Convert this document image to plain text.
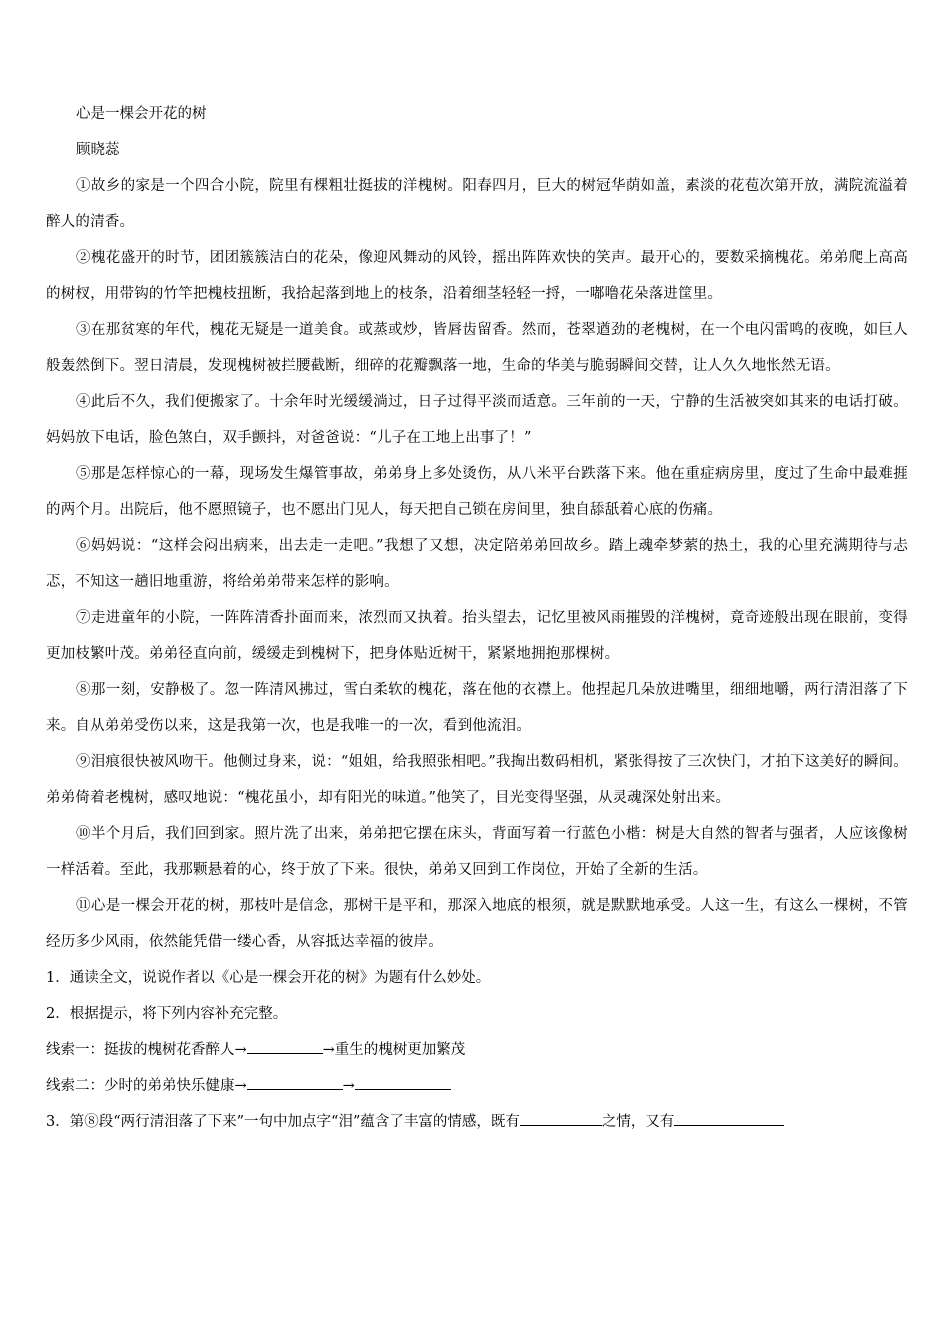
心是一棵会开花的树

顾晓蕊

①故乡的家是一个四合小院，院里有棵粗壮挺拔的洋槐树。阳春四月，巨大的树冠华荫如盖，素淡的花苞次第开放，满院流溢着醉人的清香。

②槐花盛开的时节，团团簇簇洁白的花朵，像迎风舞动的风铃，摇出阵阵欢快的笑声。最开心的，要数采摘槐花。弟弟爬上高高的树杈，用带钩的竹竿把槐枝扭断，我拾起落到地上的枝条，沿着细茎轻轻一捋，一嘟噜花朵落进筐里。

③在那贫寒的年代，槐花无疑是一道美食。或蒸或炒，皆唇齿留香。然而，苍翠遒劲的老槐树，在一个电闪雷鸣的夜晚，如巨人般轰然倒下。翌日清晨，发现槐树被拦腰截断，细碎的花瓣飘落一地，生命的华美与脆弱瞬间交替，让人久久地怅然无语。

④此后不久，我们便搬家了。十余年时光缓缓淌过，日子过得平淡而适意。三年前的一天，宁静的生活被突如其来的电话打破。妈妈放下电话，脸色煞白，双手颤抖，对爸爸说：“儿子在工地上出事了！”

⑤那是怎样惊心的一幕，现场发生爆管事故，弟弟身上多处烫伤，从八米平台跌落下来。他在重症病房里，度过了生命中最难捱的两个月。出院后，他不愿照镜子，也不愿出门见人，每天把自己锁在房间里，独自舔舐着心底的伤痛。

⑥妈妈说：“这样会闷出病来，出去走一走吧。”我想了又想，决定陪弟弟回故乡。踏上魂牵梦萦的热土，我的心里充满期待与忐忑，不知这一趟旧地重游，将给弟弟带来怎样的影响。

⑦走进童年的小院，一阵阵清香扑面而来，浓烈而又执着。抬头望去，记忆里被风雨摧毁的洋槐树，竟奇迹般出现在眼前，变得更加枝繁叶茂。弟弟径直向前，缓缓走到槐树下，把身体贴近树干，紧紧地拥抱那棵树。

⑧那一刻，安静极了。忽一阵清风拂过，雪白柔软的槐花，落在他的衣襟上。他捏起几朵放进嘴里，细细地嚼，两行清泪落了下来。自从弟弟受伤以来，这是我第一次，也是我唯一的一次，看到他流泪。

⑨泪痕很快被风吻干。他侧过身来，说：“姐姐，给我照张相吧。”我掏出数码相机，紧张得按了三次快门，才拍下这美好的瞬间。弟弟倚着老槐树，感叹地说：“槐花虽小，却有阳光的味道。”他笑了，目光变得坚强，从灵魂深处射出来。

⑩半个月后，我们回到家。照片洗了出来，弟弟把它摆在床头，背面写着一行蓝色小楷：树是大自然的智者与强者，人应该像树一样活着。至此，我那颗悬着的心，终于放了下来。很快，弟弟又回到工作岗位，开始了全新的生活。

⑪心是一棵会开花的树，那枝叶是信念，那树干是平和，那深入地底的根须，就是默默地承受。人这一生，有这么一棵树，不管经历多少风雨，依然能凭借一缕心香，从容抵达幸福的彼岸。

1．通读全文，说说作者以《心是一棵会开花的树》为题有什么妙处。

2．根据提示，将下列内容补充完整。

线索一：挺拔的槐树花香醉人→	→重生的槐树更加繁茂

线索二：少时的弟弟快乐健康→	→

3．第⑧段“两行清泪落了下来”一句中加点字“泪”蕴含了丰富的情感，既有	之情，又有
